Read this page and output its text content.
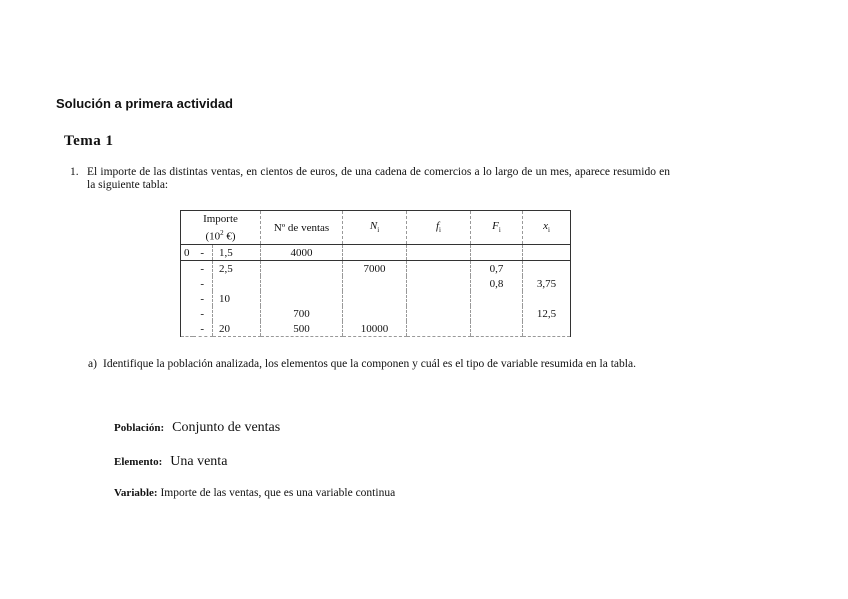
Solución a primera actividad
Tema 1
1. El importe de las distintas ventas, en cientos de euros, de una cadena de comercios a lo largo de un mes, aparece resumido en la siguiente tabla:
Importe
($10^2$ €)			Nº de ventas	$N_i$	$f_i$	$F_i$	$x_i$
0	-	1,5	4000				
	-	2,5		7000		0,7	
	-					0,8	3,75
	-	10					
	-		700				12,5
	-	20	500	10000			
a) Identifique la población analizada, los elementos que la componen y cuál es el tipo de variable resumida en la tabla.
Población: Conjunto de ventas
Elemento: Una venta
Variable: Importe de las ventas, que es una variable continua
